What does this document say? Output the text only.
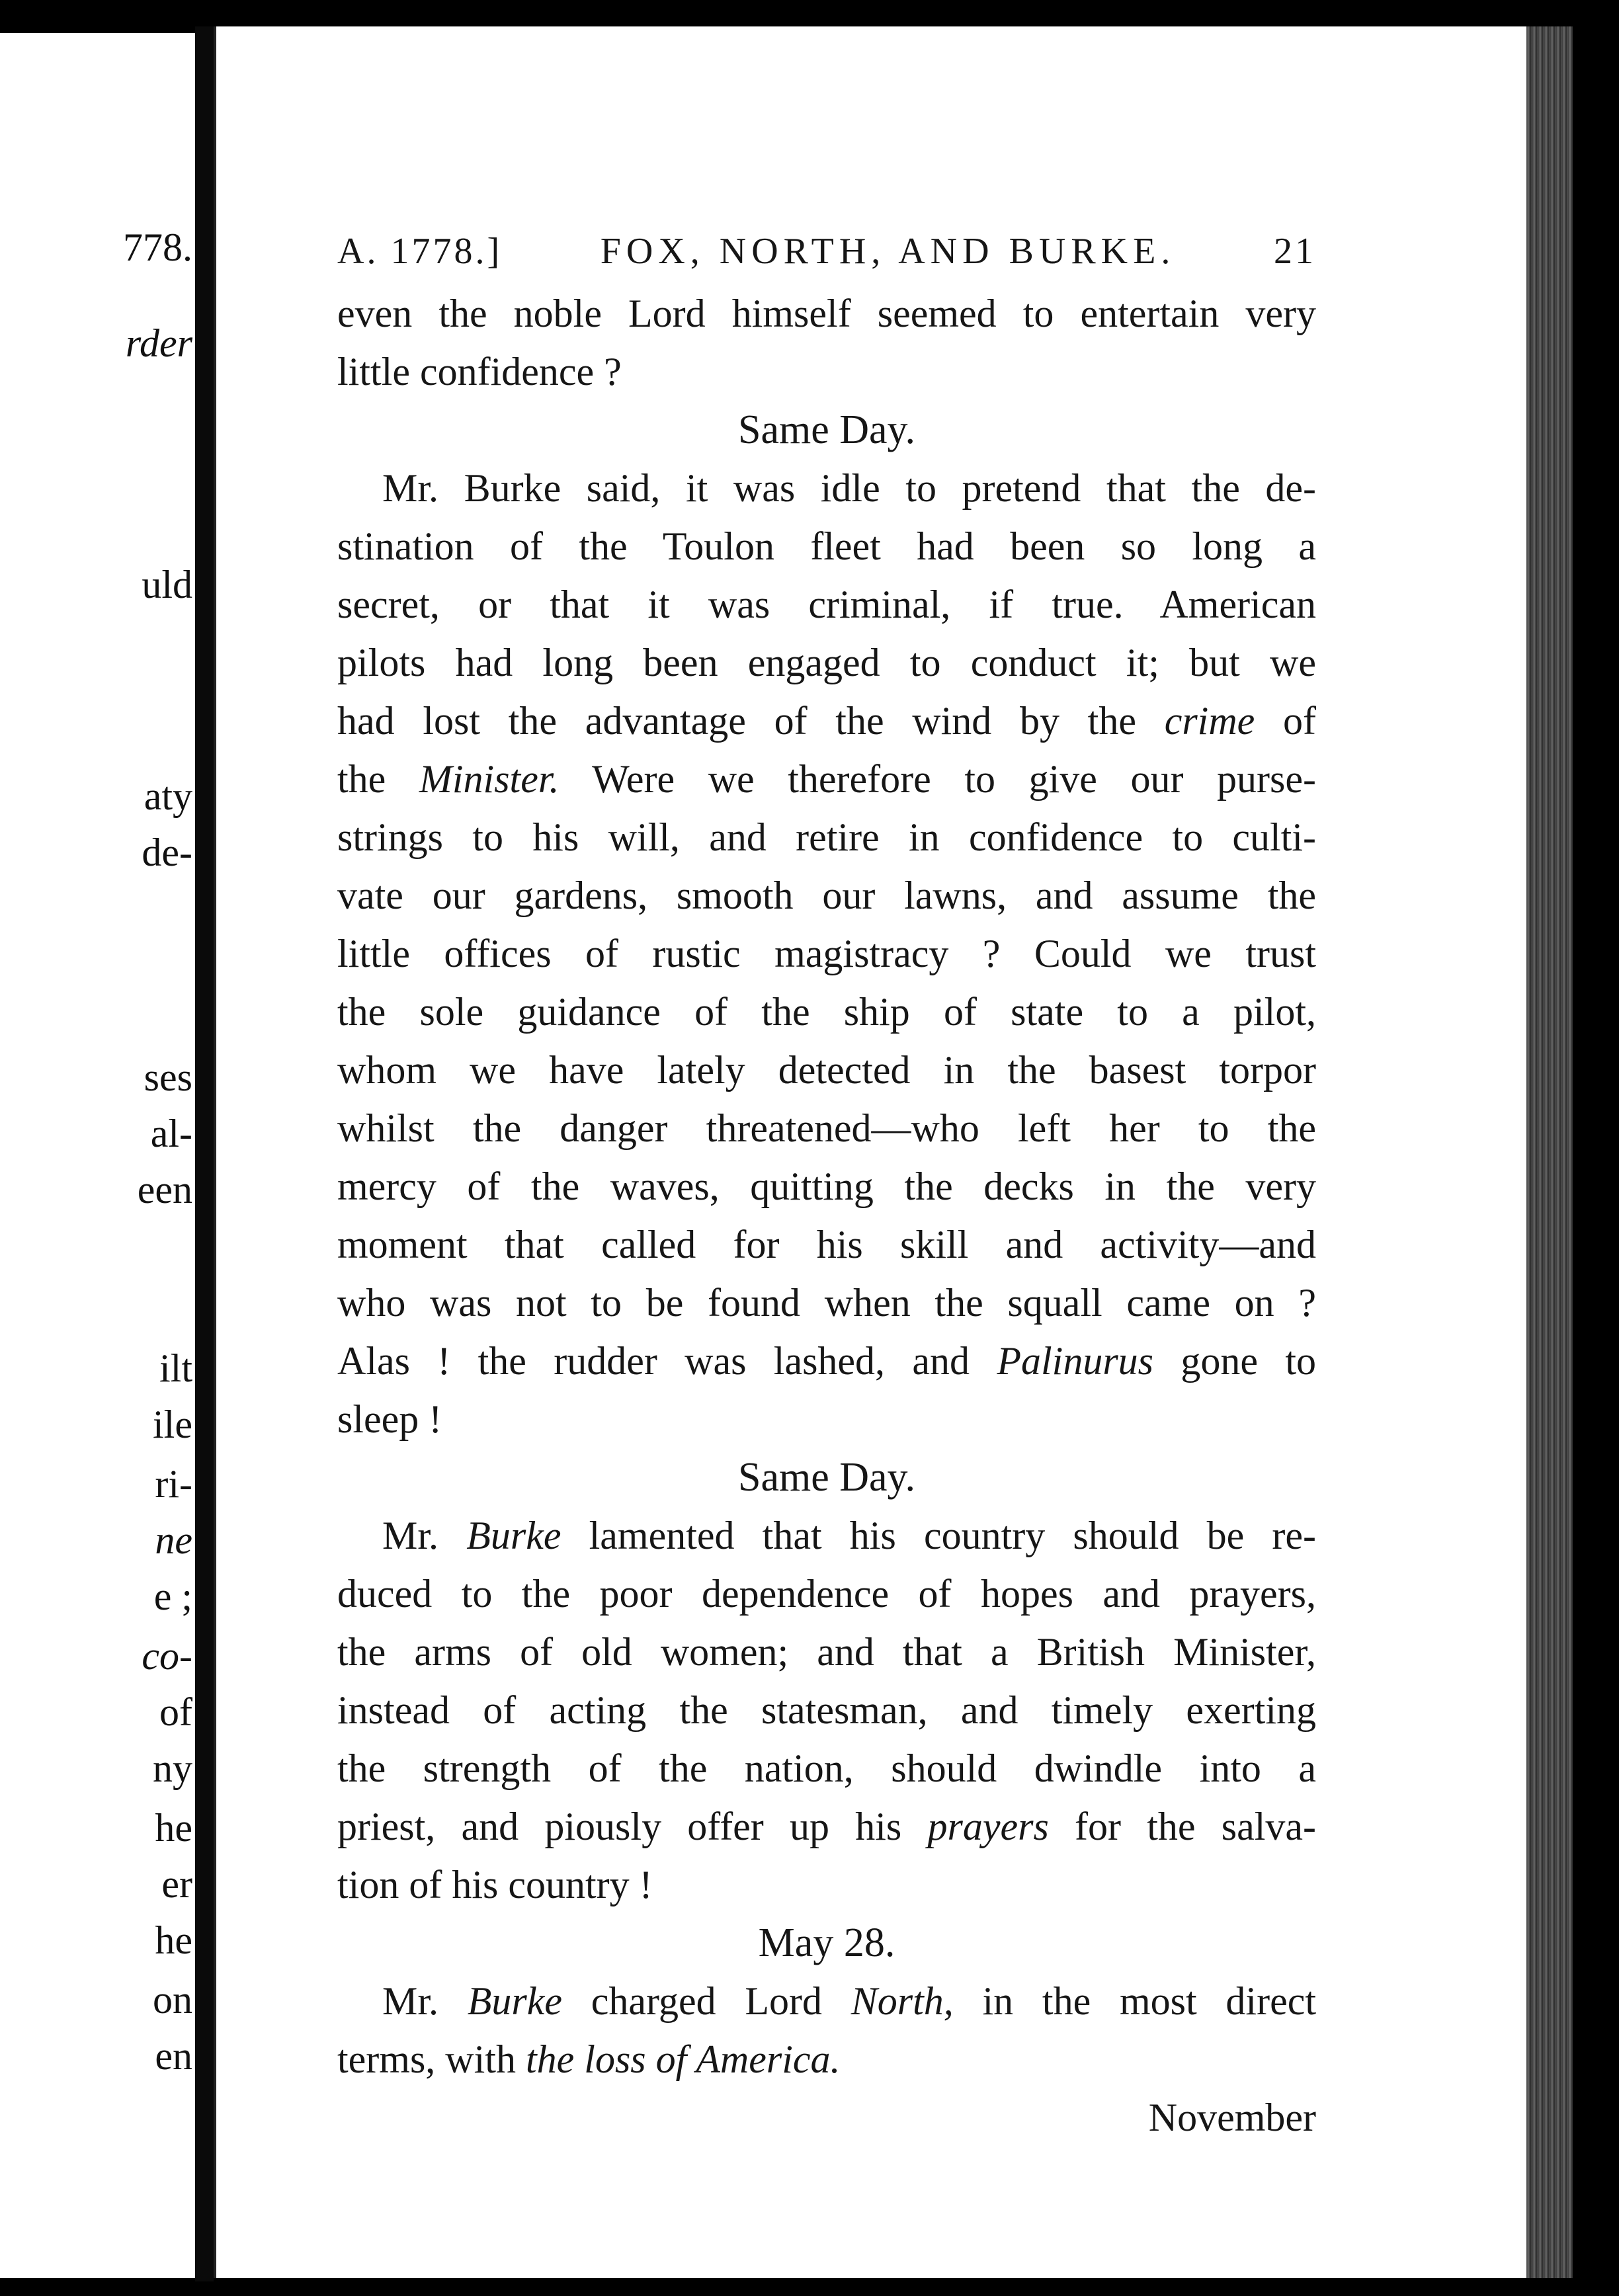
778.
rder
uld
aty
de-
ses
al-
een
ilt
ile
ri-
ne
e ;
co-
of
ny
he
er
he
on
en
A. 1778.]	FOX, NORTH, AND BURKE.	21
even the noble Lord himself seemed to entertain very
little confidence ?
Same Day.
Mr. Burke said, it was idle to pretend that the de-
stination of the Toulon fleet had been so long a
secret, or that it was criminal, if true. American
pilots had long been engaged to conduct it; but we
had lost the advantage of the wind by the crime of
the Minister. Were we therefore to give our purse-
strings to his will, and retire in confidence to culti-
vate our gardens, smooth our lawns, and assume the
little offices of rustic magistracy ? Could we trust
the sole guidance of the ship of state to a pilot,
whom we have lately detected in the basest torpor
whilst the danger threatened—who left her to the
mercy of the waves, quitting the decks in the very
moment that called for his skill and activity—and
who was not to be found when the squall came on ?
Alas ! the rudder was lashed, and Palinurus gone to
sleep !
Same Day.
Mr. Burke lamented that his country should be re-
duced to the poor dependence of hopes and prayers,
the arms of old women; and that a British Minister,
instead of acting the statesman, and timely exerting
the strength of the nation, should dwindle into a
priest, and piously offer up his prayers for the salva-
tion of his country !
May 28.
Mr. Burke charged Lord North, in the most direct
terms, with the loss of America.
November
